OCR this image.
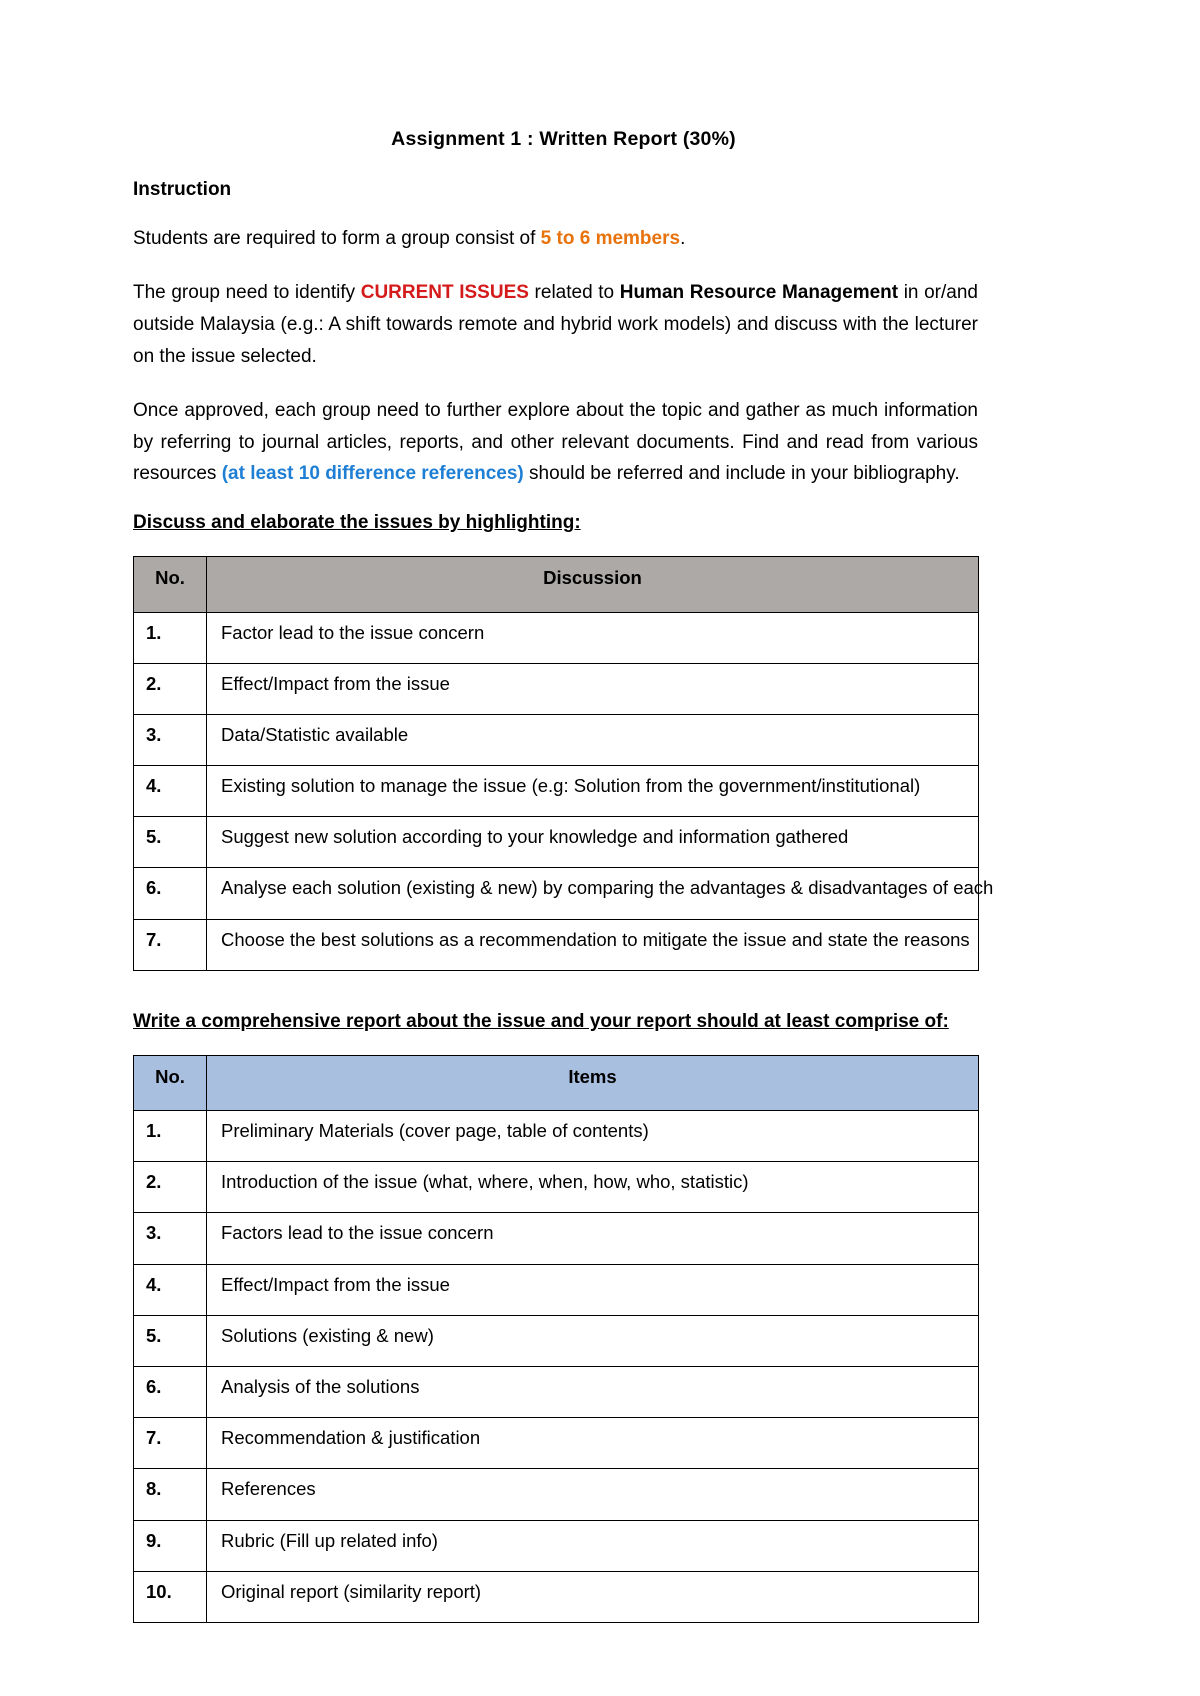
Assignment 1 : Written Report (30%)
Instruction

Students are required to form a group consist of 5 to 6 members.

The group need to identify CURRENT ISSUES related to Human Resource Management in or/and outside Malaysia (e.g.: A shift towards remote and hybrid work models) and discuss with the lecturer on the issue selected.

Once approved, each group need to further explore about the topic and gather as much information by referring to journal articles, reports, and other relevant documents. Find and read from various resources (at least 10 difference references) should be referred and include in your bibliography.

Discuss and elaborate the issues by highlighting:
No.	Discussion
1.	Factor lead to the issue concern
2.	Effect/Impact from the issue
3.	Data/Statistic available
4.	Existing solution to manage the issue (e.g: Solution from the government/institutional)
5.	Suggest new solution according to your knowledge and information gathered
6.	Analyse each solution (existing & new) by comparing the advantages & disadvantages of each
7.	Choose the best solutions as a recommendation to mitigate the issue and state the reasons
Write a comprehensive report about the issue and your report should at least comprise of:
No.	Items
1.	Preliminary Materials (cover page, table of contents)
2.	Introduction of the issue (what, where, when, how, who, statistic)
3.	Factors lead to the issue concern
4.	Effect/Impact from the issue
5.	Solutions (existing & new)
6.	Analysis of the solutions
7.	Recommendation & justification
8.	References
9.	Rubric (Fill up related info)
10.	Original report (similarity report)
